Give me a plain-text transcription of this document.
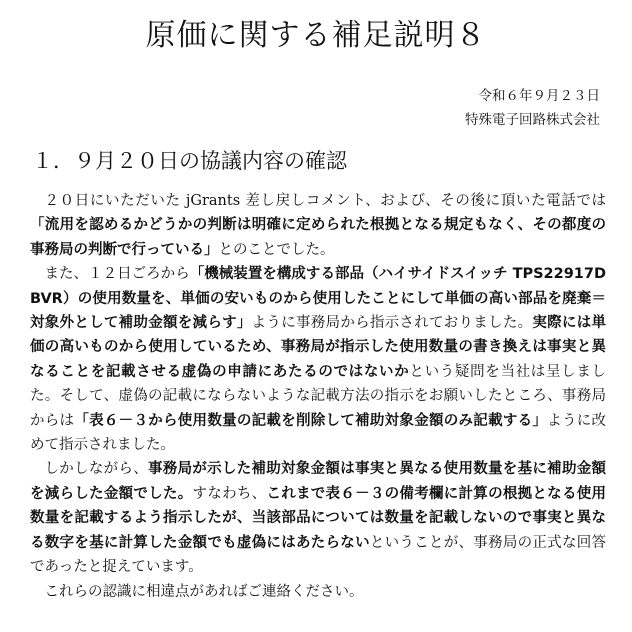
原価に関する補足説明８
令和６年９月２３日
特殊電子回路株式会社
１．９月２０日の協議内容の確認

２０日にいただいた jGrants 差し戻しコメント、および、その後に頂いた電話では「流用を認めるかどうかの判断は明確に定められた根拠となる規定もなく、その都度の事務局の判断で行っている」とのことでした。

また、１２日ごろから「機械装置を構成する部品（ハイサイドスイッチ TPS22917DBVR）の使用数量を、単価の安いものから使用したことにして単価の高い部品を廃棄＝対象外として補助金額を減らす」ように事務局から指示されておりました。実際には単価の高いものから使用しているため、事務局が指示した使用数量の書き換えは事実と異なることを記載させる虚偽の申請にあたるのではないかという疑問を当社は呈しました。そして、虚偽の記載にならないような記載方法の指示をお願いしたところ、事務局からは「表６－３から使用数量の記載を削除して補助対象金額のみ記載する」ように改めて指示されました。

しかしながら、事務局が示した補助対象金額は事実と異なる使用数量を基に補助金額を減らした金額でした。すなわち、これまで表６－３の備考欄に計算の根拠となる使用数量を記載するよう指示したが、当該部品については数量を記載しないので事実と異なる数字を基に計算した金額でも虚偽にはあたらないということが、事務局の正式な回答であったと捉えています。

これらの認識に相違点があればご連絡ください。
